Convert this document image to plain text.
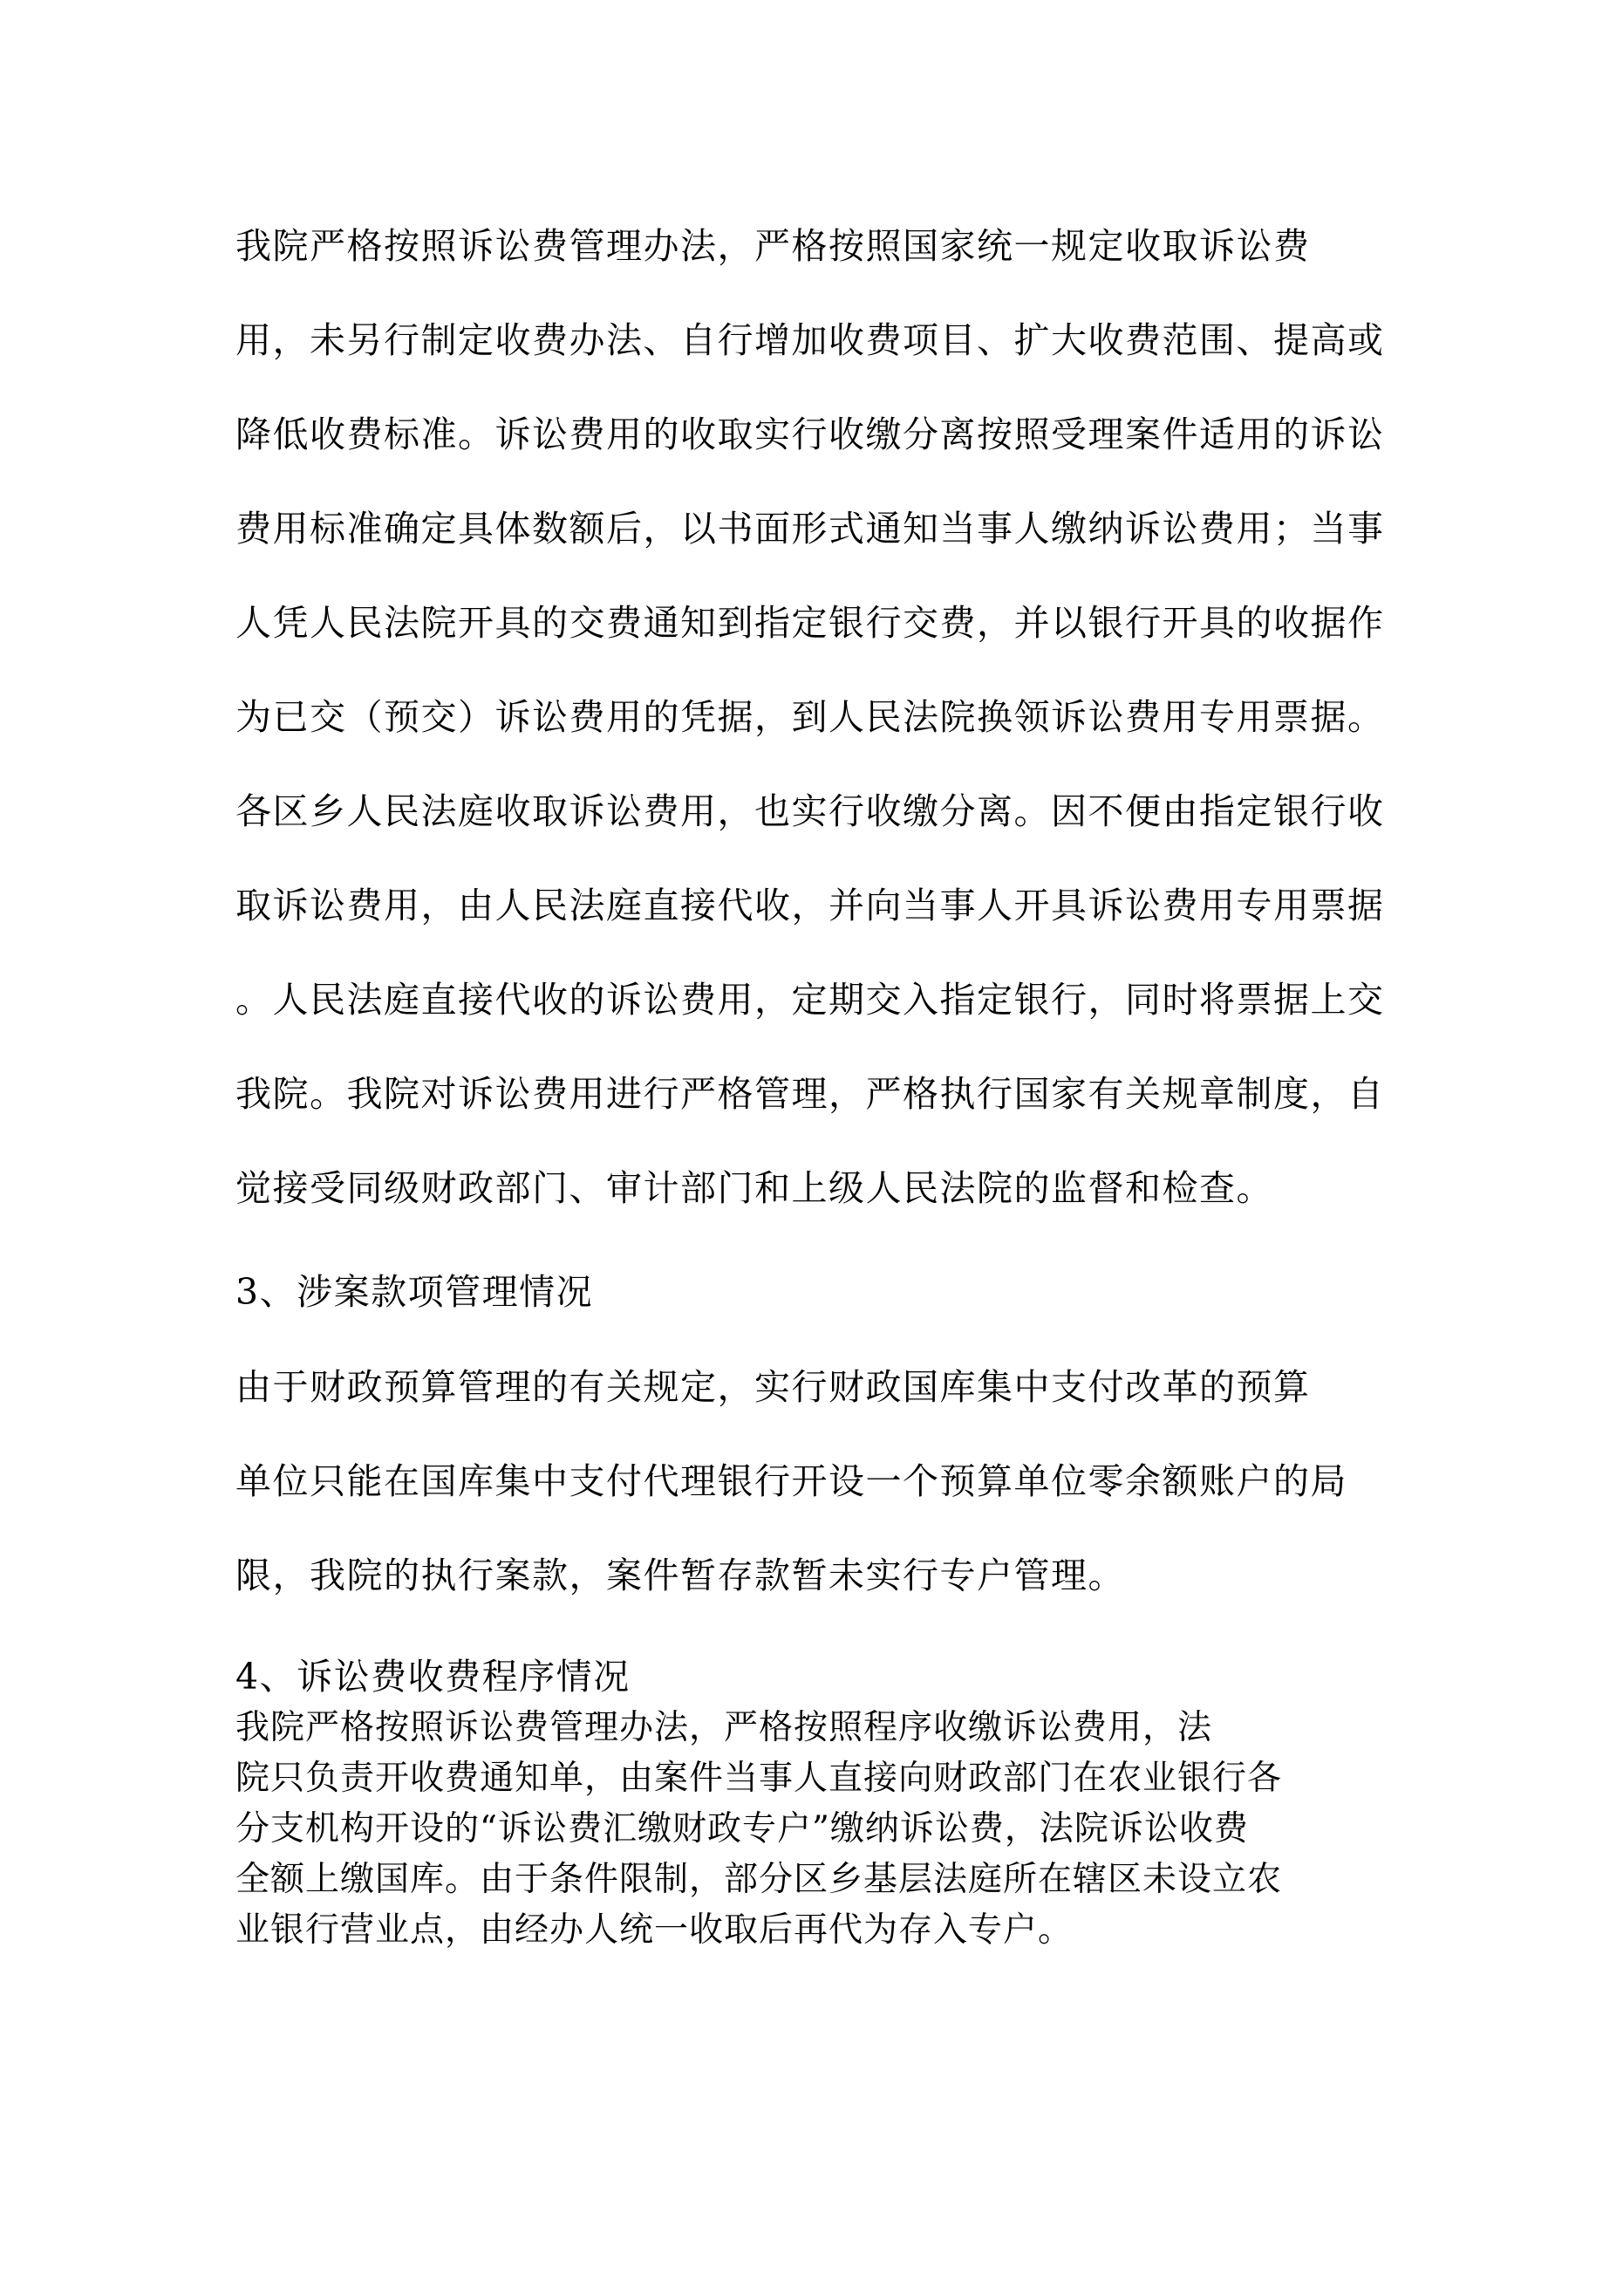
我院严格按照诉讼费管理办法，严格按照国家统一规定收取诉讼费

用，未另行制定收费办法、自行增加收费项目、扩大收费范围、提高或

降低收费标准。诉讼费用的收取实行收缴分离按照受理案件适用的诉讼

费用标准确定具体数额后，以书面形式通知当事人缴纳诉讼费用；当事

人凭人民法院开具的交费通知到指定银行交费，并以银行开具的收据作

为已交（预交）诉讼费用的凭据，到人民法院换领诉讼费用专用票据。

各区乡人民法庭收取诉讼费用，也实行收缴分离。因不便由指定银行收

取诉讼费用，由人民法庭直接代收，并向当事人开具诉讼费用专用票据

。人民法庭直接代收的诉讼费用，定期交入指定银行，同时将票据上交

我院。我院对诉讼费用进行严格管理，严格执行国家有关规章制度，自

觉接受同级财政部门、审计部门和上级人民法院的监督和检查。

3、涉案款项管理情况

由于财政预算管理的有关规定，实行财政国库集中支付改革的预算

单位只能在国库集中支付代理银行开设一个预算单位零余额账户的局

限，我院的执行案款，案件暂存款暂未实行专户管理。

4、诉讼费收费程序情况

我院严格按照诉讼费管理办法，严格按照程序收缴诉讼费用，法

院只负责开收费通知单，由案件当事人直接向财政部门在农业银行各

分支机构开设的“诉讼费汇缴财政专户”缴纳诉讼费，法院诉讼收费

全额上缴国库。由于条件限制，部分区乡基层法庭所在辖区未设立农

业银行营业点，由经办人统一收取后再代为存入专户。
